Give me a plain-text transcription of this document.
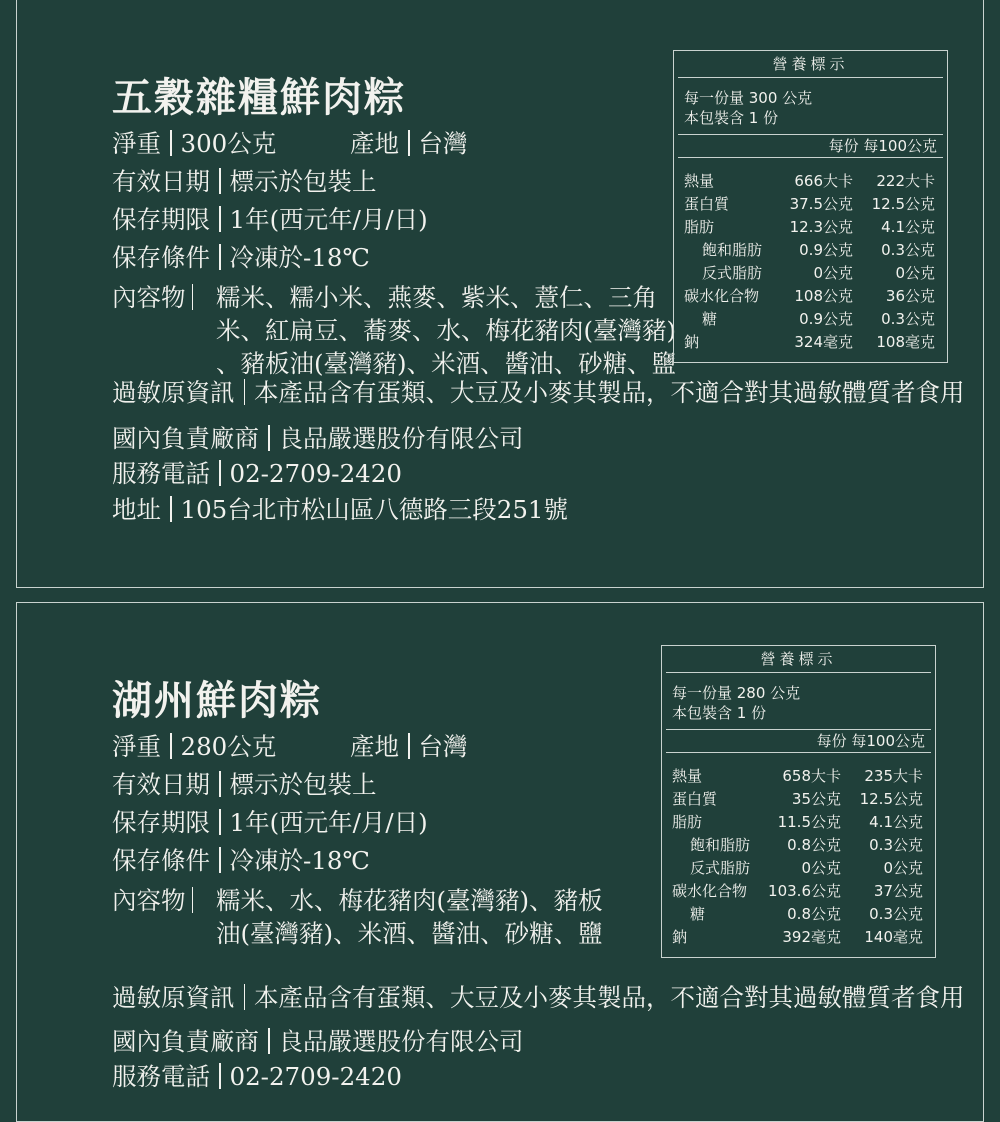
五穀雜糧鮮肉粽
淨重 300公克	產地 台灣
有效日期 標示於包裝上
保存期限 1年(西元年/月/日)
保存條件 冷凍於-18℃
內容物	糯米、糯小米、燕麥、紫米、薏仁、三角
米、紅扁豆、蕎麥、水、梅花豬肉(臺灣豬)
、豬板油(臺灣豬)、米酒、醬油、砂糖、鹽
過敏原資訊 本產品含有蛋類、大豆及小麥其製品，不適合對其過敏體質者食用
國內負責廠商 良品嚴選股份有限公司
服務電話 02-2709-2420
地址 105台北市松山區八德路三段251號
營養標示
每一份量 300 公克
本包裝含 1 份
每份 每100公克
熱量	666大卡 222大卡
蛋白質	37.5公克 12.5公克
脂肪	12.3公克 4.1公克
飽和脂肪 0.9公克 0.3公克
反式脂肪	0公克	0公克
碳水化合物 108公克 36公克
糖	0.9公克 0.3公克
鈉	324毫克 108毫克
湖州鮮肉粽
淨重 280公克	產地 台灣
有效日期 標示於包裝上
保存期限 1年(西元年/月/日)
保存條件 冷凍於-18℃
內容物	糯米、水、梅花豬肉(臺灣豬)、豬板
油(臺灣豬)、米酒、醬油、砂糖、鹽
過敏原資訊 本產品含有蛋類、大豆及小麥其製品，不適合對其過敏體質者食用
國內負責廠商 良品嚴選股份有限公司
服務電話 02-2709-2420
營養標示
每一份量 280 公克
本包裝含 1 份
每份 每100公克
熱量	658大卡 235大卡
蛋白質	35公克 12.5公克
脂肪	11.5公克 4.1公克
飽和脂肪 0.8公克 0.3公克
反式脂肪	0公克	0公克
碳水化合物 103.6公克 37公克
糖	0.8公克 0.3公克
鈉	392毫克 140毫克
